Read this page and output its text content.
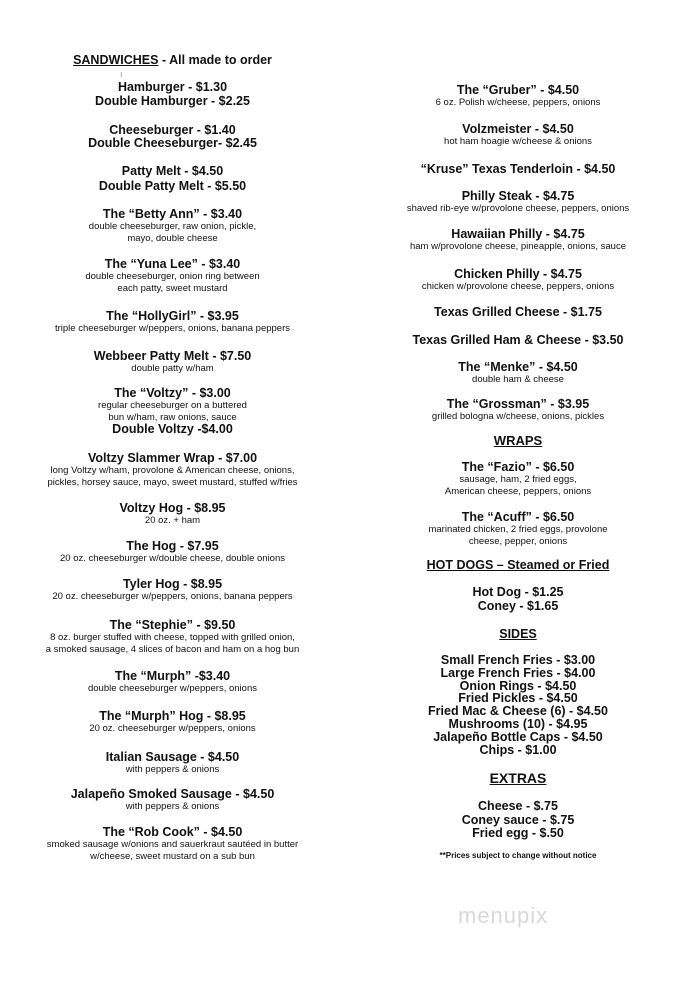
SANDWICHES - All made to order
Hamburger - $1.30
Double Hamburger - $2.25
Cheeseburger - $1.40
Double Cheeseburger- $2.45
Patty Melt - $4.50
Double Patty Melt - $5.50
The “Betty Ann” - $3.40
double cheeseburger, raw onion, pickle,
mayo, double cheese
The “Yuna Lee” - $3.40
double cheeseburger, onion ring between
each patty, sweet mustard
The “HollyGirl” - $3.95
triple cheeseburger w/peppers, onions, banana peppers
Webbeer Patty Melt - $7.50
double patty w/ham
The “Voltzy” - $3.00
regular cheeseburger on a buttered
bun w/ham, raw onions, sauce
Double Voltzy -$4.00
Voltzy Slammer Wrap - $7.00
long Voltzy w/ham, provolone & American cheese, onions,
pickles, horsey sauce, mayo, sweet mustard, stuffed w/fries
Voltzy Hog - $8.95
20 oz. + ham
The Hog - $7.95
20 oz. cheeseburger w/double cheese, double onions
Tyler Hog - $8.95
20 oz. cheeseburger w/peppers, onions, banana peppers
The “Stephie” - $9.50
8 oz. burger stuffed with cheese, topped with grilled onion,
a smoked sausage, 4 slices of bacon and ham on a hog bun
The “Murph” -$3.40
double cheeseburger w/peppers, onions
The “Murph” Hog - $8.95
20 oz. cheeseburger w/peppers, onions
Italian Sausage - $4.50
with peppers & onions
Jalapeño Smoked Sausage - $4.50
with peppers & onions
The “Rob Cook” - $4.50
smoked sausage w/onions and sauerkraut sautéed in butter
w/cheese, sweet mustard on a sub bun
The “Gruber” - $4.50
6 oz. Polish w/cheese, peppers, onions
Volzmeister - $4.50
hot ham hoagie w/cheese & onions
“Kruse” Texas Tenderloin - $4.50
Philly Steak - $4.75
shaved rib-eye w/provolone cheese, peppers, onions
Hawaiian Philly - $4.75
ham w/provolone cheese, pineapple, onions, sauce
Chicken Philly - $4.75
chicken w/provolone cheese, peppers, onions
Texas Grilled Cheese - $1.75
Texas Grilled Ham & Cheese - $3.50
The “Menke” - $4.50
double ham & cheese
The “Grossman” - $3.95
grilled bologna w/cheese, onions, pickles
WRAPS
The “Fazio” - $6.50
sausage, ham, 2 fried eggs,
American cheese, peppers, onions
The “Acuff” - $6.50
marinated chicken, 2 fried eggs, provolone
cheese, pepper, onions
HOT DOGS – Steamed or Fried
Hot Dog - $1.25
Coney - $1.65
SIDES
Small French Fries - $3.00
Large French Fries - $4.00
Onion Rings - $4.50
Fried Pickles - $4.50
Fried Mac & Cheese (6) - $4.50
Mushrooms (10) - $4.95
Jalapeño Bottle Caps - $4.50
Chips - $1.00
EXTRAS
Cheese - $.75
Coney sauce - $.75
Fried egg - $.50
**Prices subject to change without notice
menupix
ı
